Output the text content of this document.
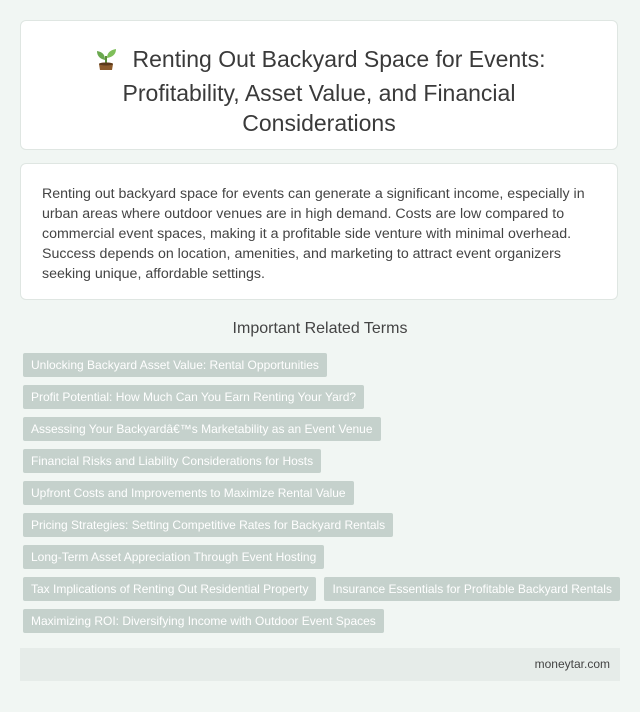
Renting Out Backyard Space for Events: Profitability, Asset Value, and Financial Considerations

Renting out backyard space for events can generate a significant income, especially in urban areas where outdoor venues are in high demand. Costs are low compared to commercial event spaces, making it a profitable side venture with minimal overhead. Success depends on location, amenities, and marketing to attract event organizers seeking unique, affordable settings.

Important Related Terms
Unlocking Backyard Asset Value: Rental Opportunities
Profit Potential: How Much Can You Earn Renting Your Yard?
Assessing Your Backyardâ€™s Marketability as an Event Venue
Financial Risks and Liability Considerations for Hosts
Upfront Costs and Improvements to Maximize Rental Value
Pricing Strategies: Setting Competitive Rates for Backyard Rentals
Long-Term Asset Appreciation Through Event Hosting
Tax Implications of Renting Out Residential Property	Insurance Essentials for Profitable Backyard Rentals
Maximizing ROI: Diversifying Income with Outdoor Event Spaces
moneytar.com
